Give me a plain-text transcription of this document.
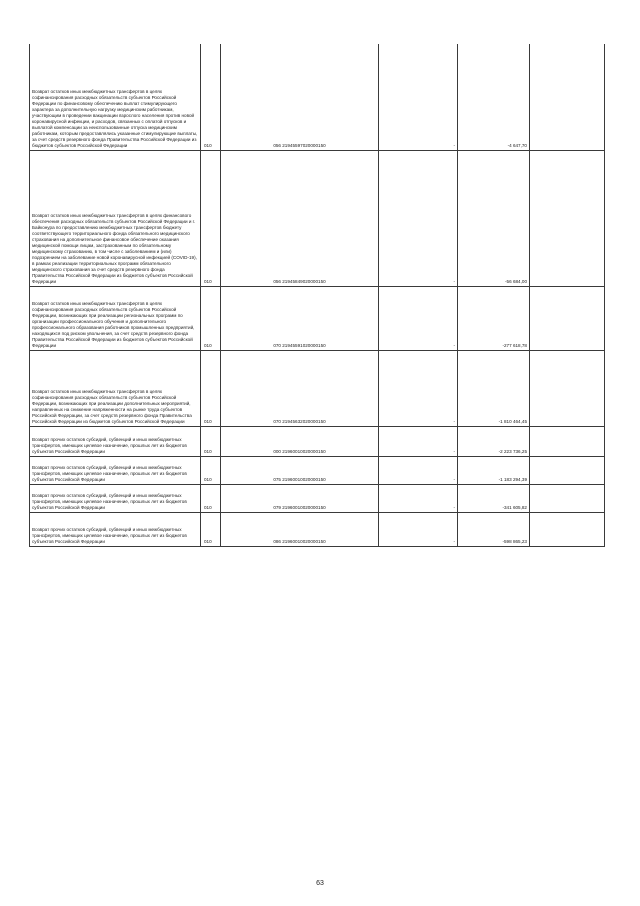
Возврат остатков иных межбюджетных трансфертов в целях софинансирования расходных обязательств субъектов Российской Федерации по финансовому обеспечению выплат стимулирующего характера за дополнительную нагрузку медицинским работникам, участвующим в проведении вакцинации взрослого населения против новой коронавирусной инфекции, и расходов, связанных с оплатой отпусков и выплатой компенсации за неиспользованные отпуска медицинским работникам, которым предоставлялись указанные стимулирующие выплаты, за счет средств резервного фонда Правительства Российской Федерации из бюджетов субъектов Российской Федерации	010	056 21945597020000150	-	-4 647,70	
Возврат остатков иных межбюджетных трансфертов в целях финансового обеспечения расходных обязательств субъектов Российской Федерации и г. Байконура по предоставлению межбюджетных трансфертов бюджету соответствующего территориального фонда обязательного медицинского страхования на дополнительное финансовое обеспечение оказания медицинской помощи лицам, застрахованным по обязательному медицинскому страхованию, в том числе с заболеванием и (или) подозрением на заболевание новой коронавирусной инфекцией (COVID-19), в рамках реализации территориальных программ обязательного медицинского страхования за счет средств резервного фонда Правительства Российской Федерации из бюджетов субъектов Российской Федерации	010	056 21945849020000150	-	-56 684,00	
Возврат остатков иных межбюджетных трансфертов в целях софинансирования расходных обязательств субъектов Российской Федерации, возникающих при реализации региональных программ по организации профессионального обучения и дополнительного профессионального образования работников промышленных предприятий, находящихся под риском увольнения, за счет средств резервного фонда Правительства Российской Федерации из бюджетов субъектов Российской Федерации	010	070 21945591020000150	-	-277 618,78	
Возврат остатков иных межбюджетных трансфертов в целях софинансирования расходных обязательств субъектов Российской Федерации, возникающих при реализации дополнительных мероприятий, направленных на снижение напряженности на рынке труда субъектов Российской Федерации, за счет средств резервного фонда Правительства Российской Федерации из бюджетов субъектов Российской Федерации	010	070 21945632020000150	-	-1 810 464,45	
Возврат прочих остатков субсидий, субвенций и иных межбюджетных трансфертов, имеющих целевое назначение, прошлых лет из бюджетов субъектов Российской Федерации	010	000 21960010020000150	-	-2 223 736,25	
Возврат прочих остатков субсидий, субвенций и иных межбюджетных трансфертов, имеющих целевое назначение, прошлых лет из бюджетов субъектов Российской Федерации	010	075 21960010020000150	-	-1 183 294,39	
Возврат прочих остатков субсидий, субвенций и иных межбюджетных трансфертов, имеющих целевое назначение, прошлых лет из бюджетов субъектов Российской Федерации	010	079 21960010020000150	-	-341 605,82	
Возврат прочих остатков субсидий, субвенций и иных межбюджетных трансфертов, имеющих целевое назначение, прошлых лет из бюджетов субъектов Российской Федерации	010	086 21960010020000150	-	-598 865,23	
63
